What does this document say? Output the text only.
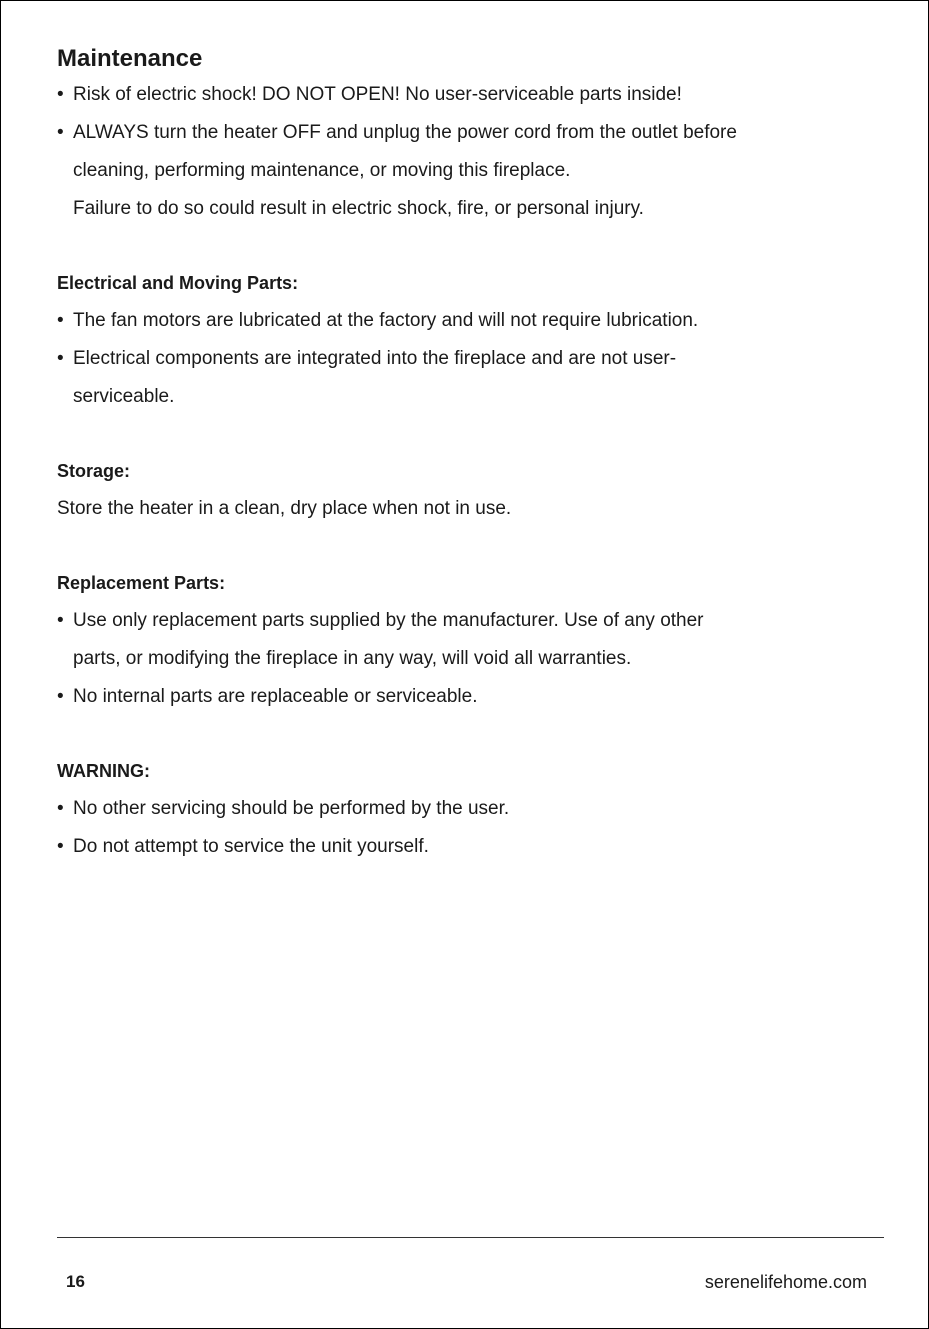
Maintenance
• Risk of electric shock! DO NOT OPEN! No user-serviceable parts inside!
• ALWAYS turn the heater OFF and unplug the power cord from the outlet before
cleaning, performing maintenance, or moving this fireplace.
Failure to do so could result in electric shock, fire, or personal injury.
Electrical and Moving Parts:
• The fan motors are lubricated at the factory and will not require lubrication.
• Electrical components are integrated into the fireplace and are not user-
serviceable.
Storage:
Store the heater in a clean, dry place when not in use.
Replacement Parts:
• Use only replacement parts supplied by the manufacturer. Use of any other
parts, or modifying the fireplace in any way, will void all warranties.
• No internal parts are replaceable or serviceable.
WARNING:
• No other servicing should be performed by the user.
• Do not attempt to service the unit yourself.
16	serenelifehome.com
